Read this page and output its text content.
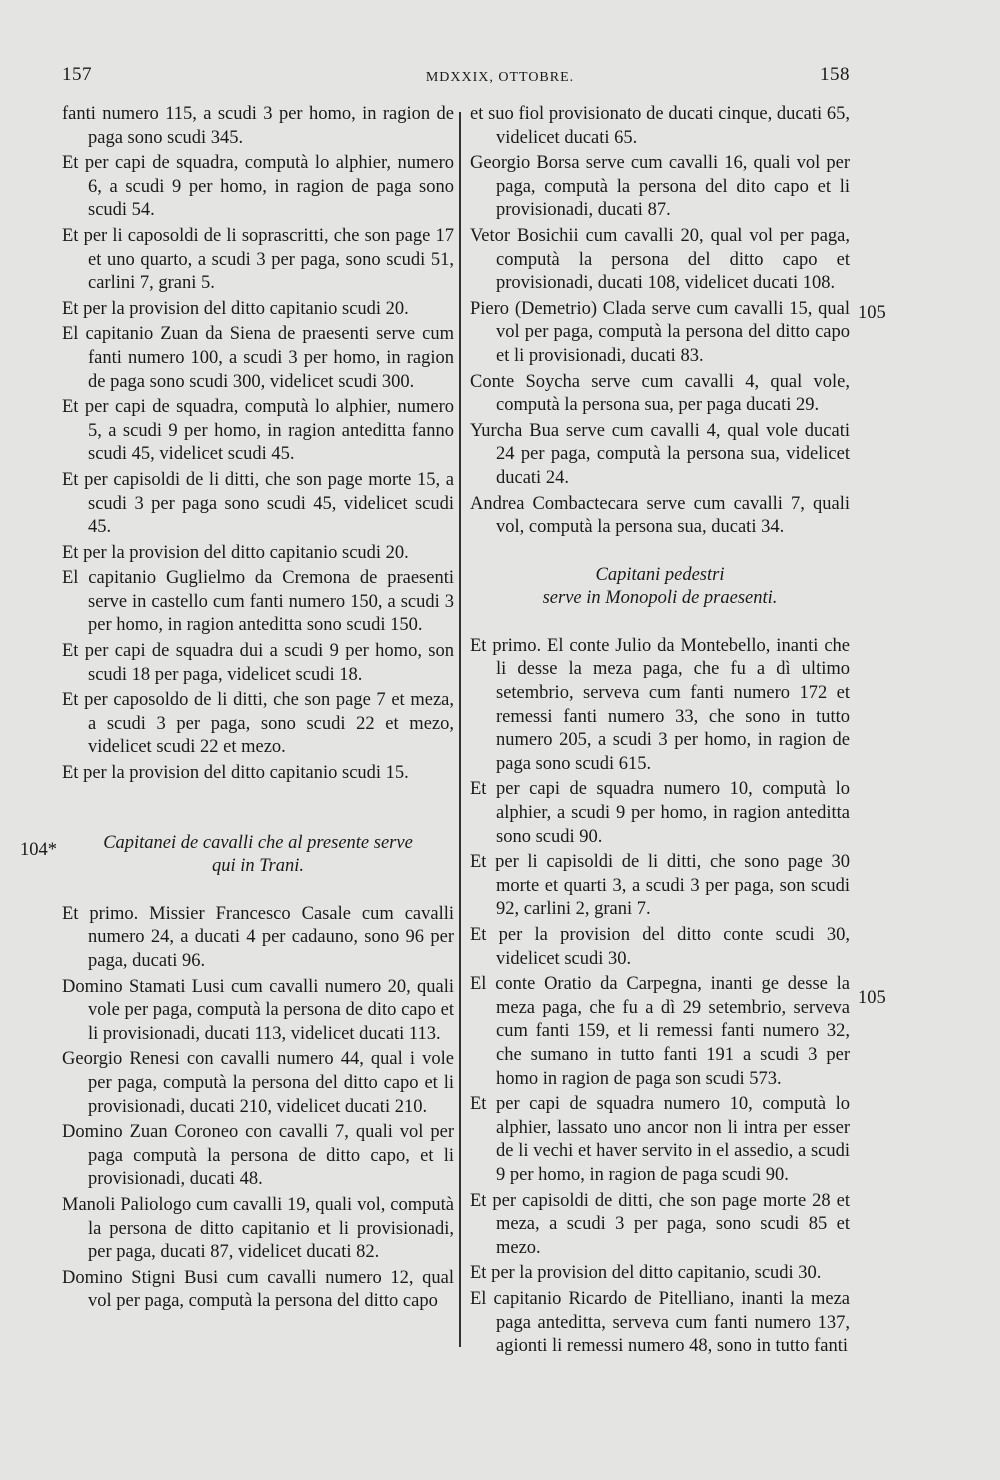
157	MDXXIX, OTTOBRE.	158
104*
105
105

fanti numero 115, a scudi 3 per homo, in ragion de paga sono scudi 345.

Et per capi de squadra, computà lo alphier, numero 6, a scudi 9 per homo, in ragion de paga sono scudi 54.

Et per li caposoldi de li soprascritti, che son page 17 et uno quarto, a scudi 3 per paga, sono scudi 51, carlini 7, grani 5.

Et per la provision del ditto capitanio scudi 20.

El capitanio Zuan da Siena de praesenti serve cum fanti numero 100, a scudi 3 per homo, in ragion de paga sono scudi 300, videlicet scudi 300.

Et per capi de squadra, computà lo alphier, numero 5, a scudi 9 per homo, in ragion anteditta fanno scudi 45, videlicet scudi 45.

Et per capisoldi de li ditti, che son page morte 15, a scudi 3 per paga sono scudi 45, videlicet scudi 45.

Et per la provision del ditto capitanio scudi 20.

El capitanio Guglielmo da Cremona de praesenti serve in castello cum fanti numero 150, a scudi 3 per homo, in ragion anteditta sono scudi 150.

Et per capi de squadra dui a scudi 9 per homo, son scudi 18 per paga, videlicet scudi 18.

Et per caposoldo de li ditti, che son page 7 et meza, a scudi 3 per paga, sono scudi 22 et mezo, videlicet scudi 22 et mezo.

Et per la provision del ditto capitanio scudi 15.

Capitanei de cavalli che al presente serve

qui in Trani.

Et primo. Missier Francesco Casale cum cavalli numero 24, a ducati 4 per cadauno, sono 96 per paga, ducati 96.

Domino Stamati Lusi cum cavalli numero 20, quali vole per paga, computà la persona de dito capo et li provisionadi, ducati 113, videlicet ducati 113.

Georgio Renesi con cavalli numero 44, qual i vole per paga, computà la persona del ditto capo et li provisionadi, ducati 210, videlicet ducati 210.

Domino Zuan Coroneo con cavalli 7, quali vol per paga computà la persona de ditto capo, et li provisionadi, ducati 48.

Manoli Paliologo cum cavalli 19, quali vol, computà la persona de ditto capitanio et li provisionadi, per paga, ducati 87, videlicet ducati 82.

Domino Stigni Busi cum cavalli numero 12, qual vol per paga, computà la persona del ditto capo

et suo fiol provisionato de ducati cinque, ducati 65, videlicet ducati 65.

Georgio Borsa serve cum cavalli 16, quali vol per paga, computà la persona del dito capo et li provisionadi, ducati 87.

Vetor Bosichii cum cavalli 20, qual vol per paga, computà la persona del ditto capo et provisionadi, ducati 108, videlicet ducati 108.

Piero (Demetrio) Clada serve cum cavalli 15, qual vol per paga, computà la persona del ditto capo et li provisionadi, ducati 83.

Conte Soycha serve cum cavalli 4, qual vole, computà la persona sua, per paga ducati 29.

Yurcha Bua serve cum cavalli 4, qual vole ducati 24 per paga, computà la persona sua, videlicet ducati 24.

Andrea Combactecara serve cum cavalli 7, quali vol, computà la persona sua, ducati 34.

Capitani pedestri

serve in Monopoli de praesenti.

Et primo. El conte Julio da Montebello, inanti che li desse la meza paga, che fu a dì ultimo setembrio, serveva cum fanti numero 172 et remessi fanti numero 33, che sono in tutto numero 205, a scudi 3 per homo, in ragion de paga sono scudi 615.

Et per capi de squadra numero 10, computà lo alphier, a scudi 9 per homo, in ragion anteditta sono scudi 90.

Et per li capisoldi de li ditti, che sono page 30 morte et quarti 3, a scudi 3 per paga, son scudi 92, carlini 2, grani 7.

Et per la provision del ditto conte scudi 30, videlicet scudi 30.

El conte Oratio da Carpegna, inanti ge desse la meza paga, che fu a dì 29 setembrio, serveva cum fanti 159, et li remessi fanti numero 32, che sumano in tutto fanti 191 a scudi 3 per homo in ragion de paga son scudi 573.

Et per capi de squadra numero 10, computà lo alphier, lassato uno ancor non li intra per esser de li vechi et haver servito in el assedio, a scudi 9 per homo, in ragion de paga scudi 90.

Et per capisoldi de ditti, che son page morte 28 et meza, a scudi 3 per paga, sono scudi 85 et mezo.

Et per la provision del ditto capitanio, scudi 30.

El capitanio Ricardo de Pitelliano, inanti la meza paga anteditta, serveva cum fanti numero 137, agionti li remessi numero 48, sono in tutto fanti
